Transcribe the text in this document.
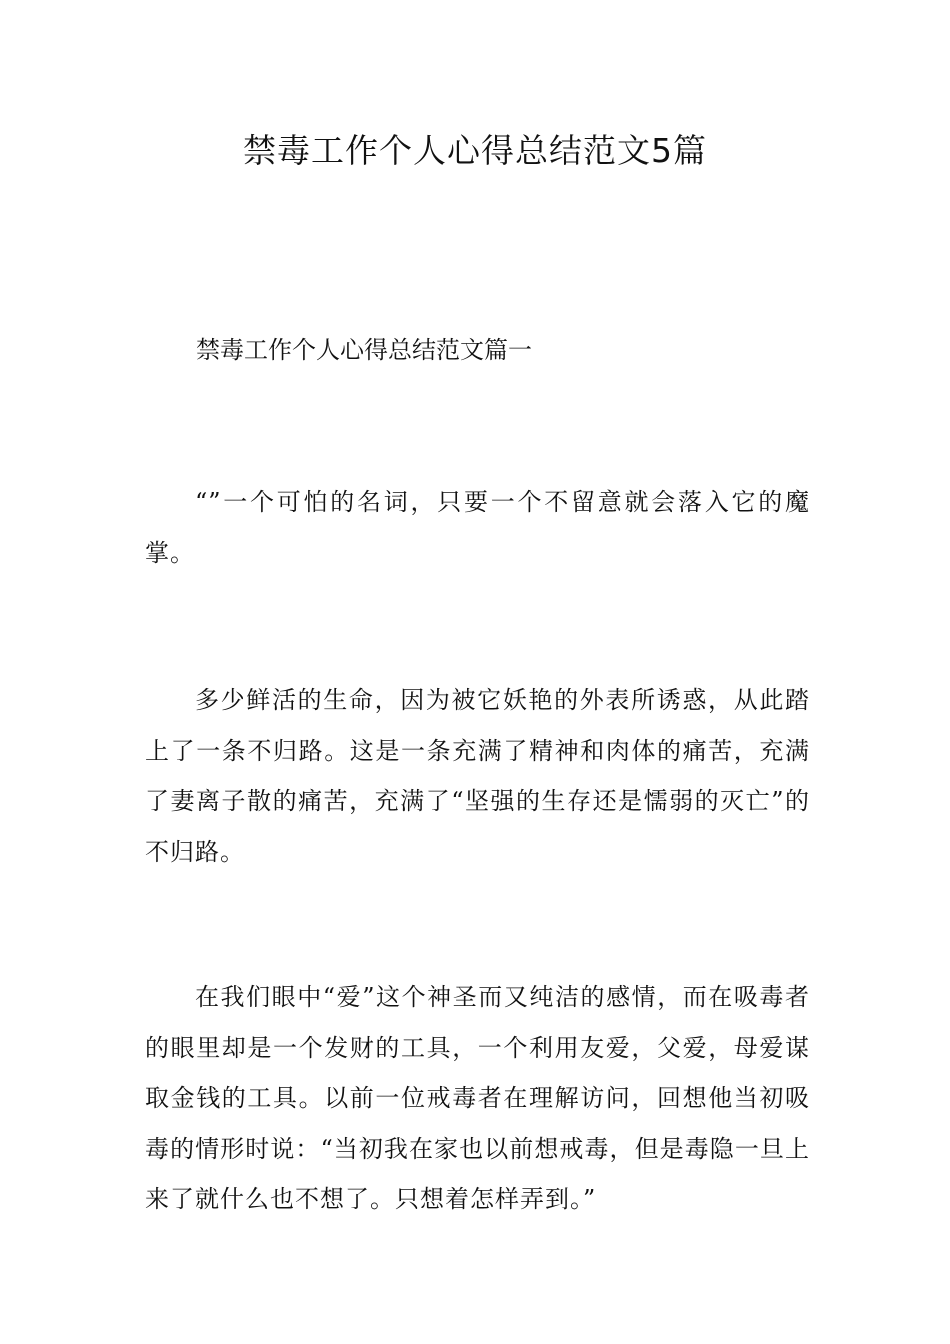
禁毒工作个人心得总结范文5篇
禁毒工作个人心得总结范文篇一

“”一个可怕的名词，只要一个不留意就会落入它的魔掌。

多少鲜活的生命，因为被它妖艳的外表所诱惑，从此踏上了一条不归路。这是一条充满了精神和肉体的痛苦，充满了妻离子散的痛苦，充满了“坚强的生存还是懦弱的灭亡”的不归路。

在我们眼中“爱”这个神圣而又纯洁的感情，而在吸毒者的眼里却是一个发财的工具，一个利用友爱，父爱，母爱谋取金钱的工具。以前一位戒毒者在理解访问，回想他当初吸毒的情形时说：“当初我在家也以前想戒毒，但是毒隐一旦上来了就什么也不想了。只想着怎样弄到。”
